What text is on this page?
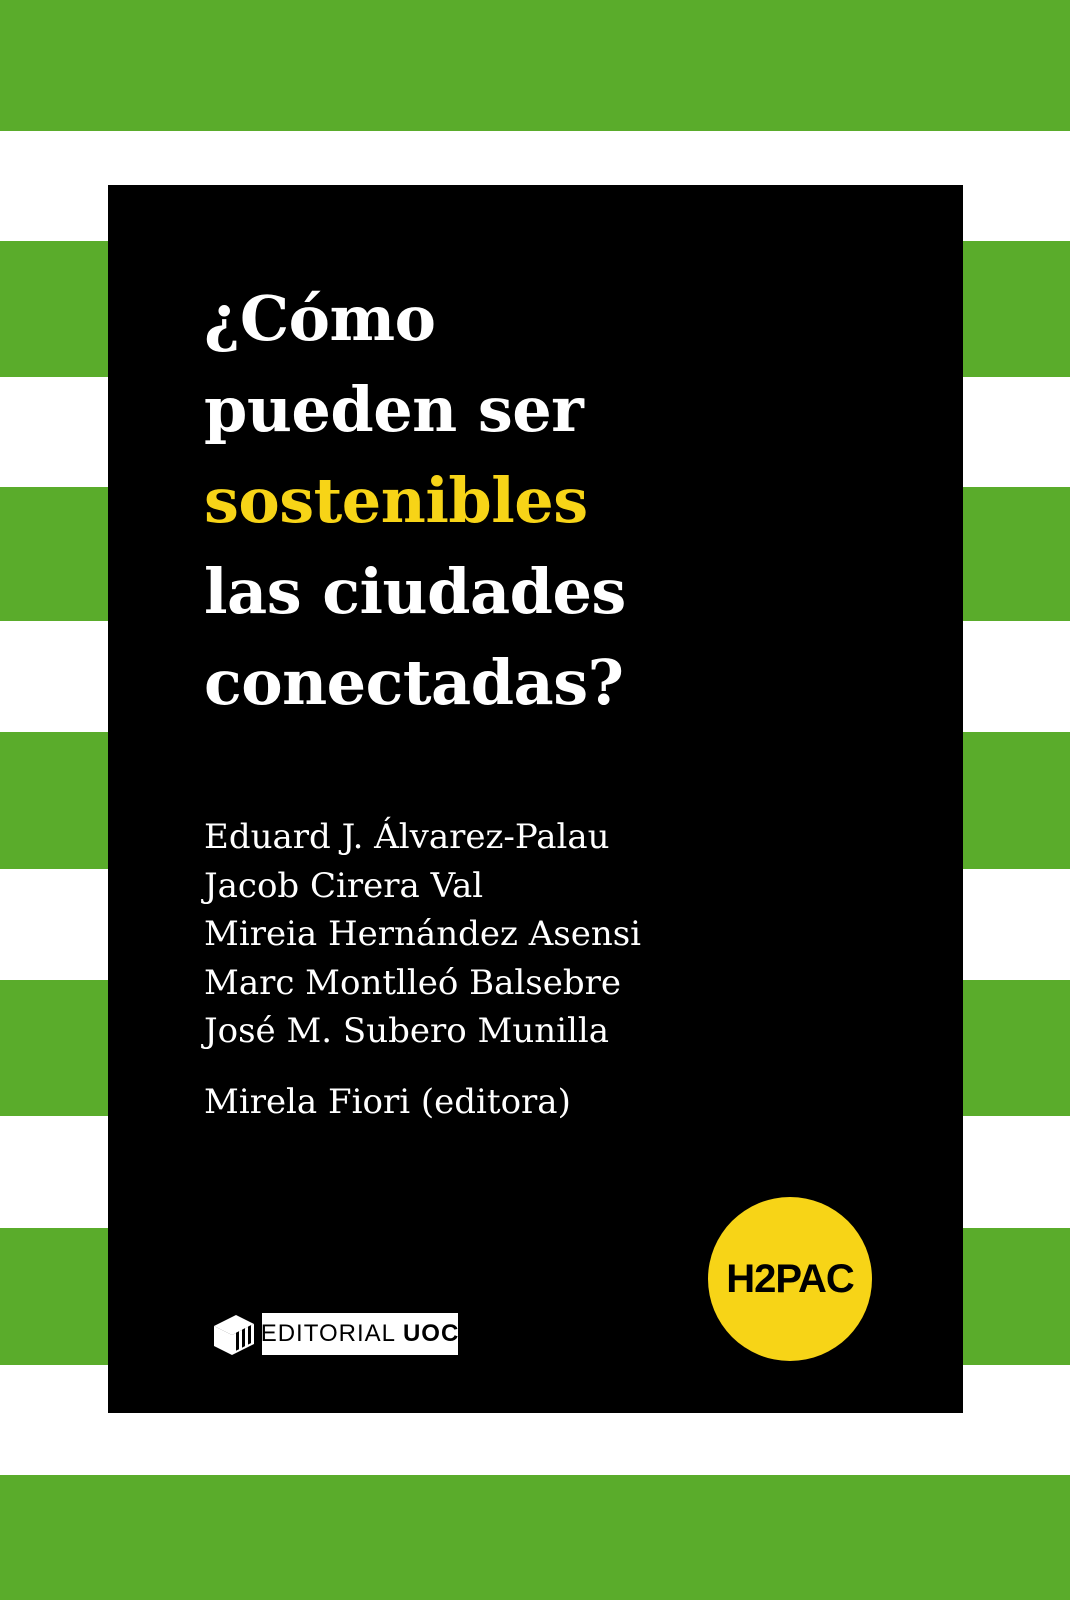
¿Cómo
pueden ser
sostenibles
las ciudades
conectadas?
Eduard J. Álvarez-Palau
Jacob Cirera Val
Mireia Hernández Asensi
Marc Montlleó Balsebre
José M. Subero Munilla
Mirela Fiori (editora)
H2PAC
EDITORIAL UOC
